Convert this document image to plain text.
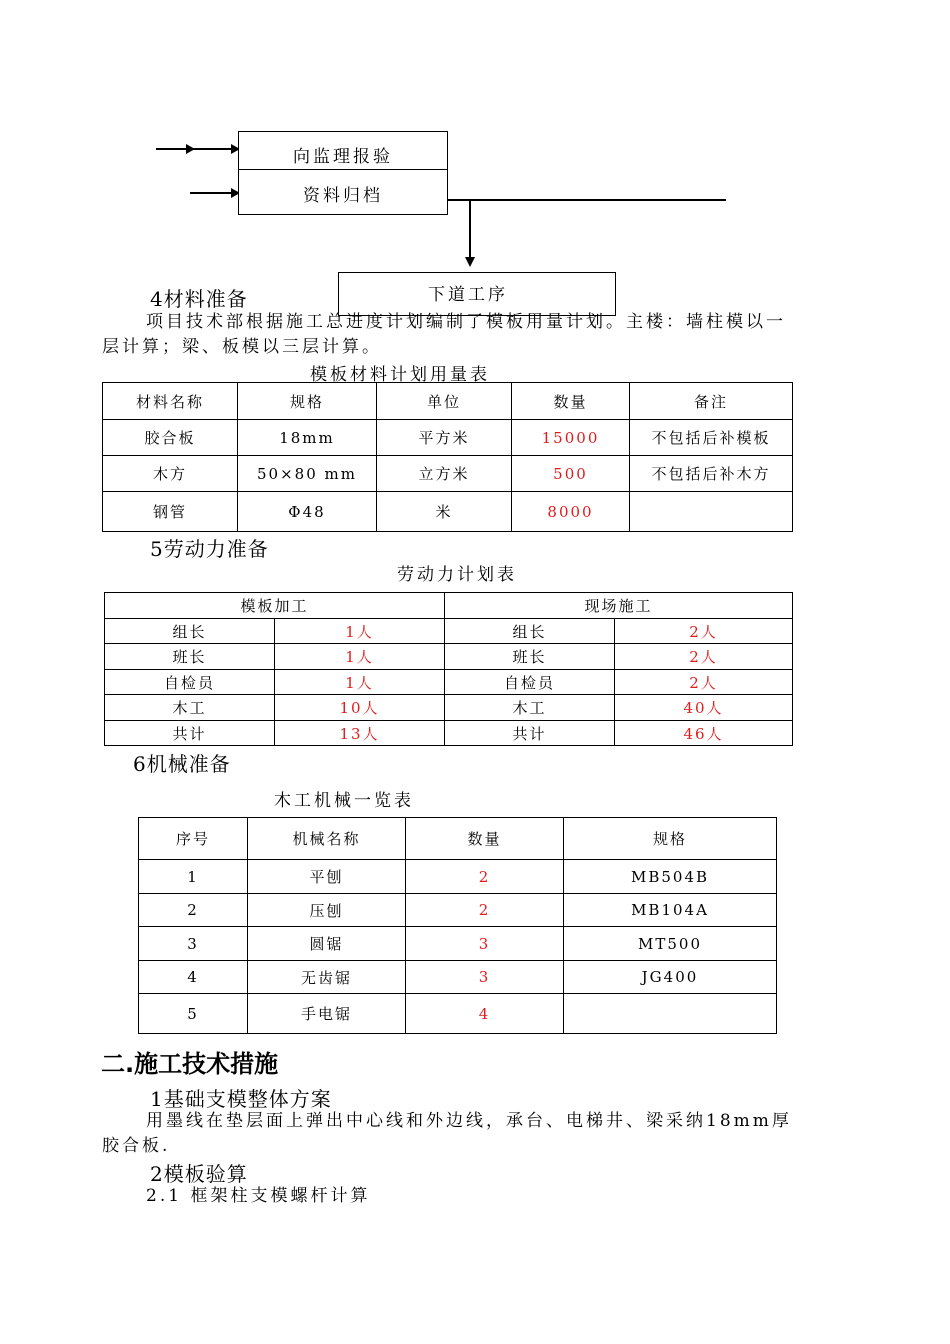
向监理报验
资料归档
下道工序
4材料准备
项目技术部根据施工总进度计划编制了模板用量计划。主楼：墙柱模以一
层计算；梁、板模以三层计算。
模板材料计划用量表
材料名称	规格	单位	数量	备注
胶合板	18mm	平方米	15000	不包括后补模板
木方	50×80 mm	立方米	500	不包括后补木方
钢管	Φ48	米	8000	
5劳动力准备
劳动力计划表
模板加工		现场施工	
组长	1人	组长	2人
班长	1人	班长	2人
自检员	1人	自检员	2人
木工	10人	木工	40人
共计	13人	共计	46人
6机械准备
木工机械一览表
序号	机械名称	数量	规格
1	平刨	2	MB504B
2	压刨	2	MB104A
3	圆锯	3	MT500
4	无齿锯	3	JG400
5	手电锯	4	
二.施工技术措施
1基础支模整体方案
用墨线在垫层面上弹出中心线和外边线，承台、电梯井、梁采纳18mm厚
胶合板.
2模板验算
2.1 框架柱支模螺杆计算
